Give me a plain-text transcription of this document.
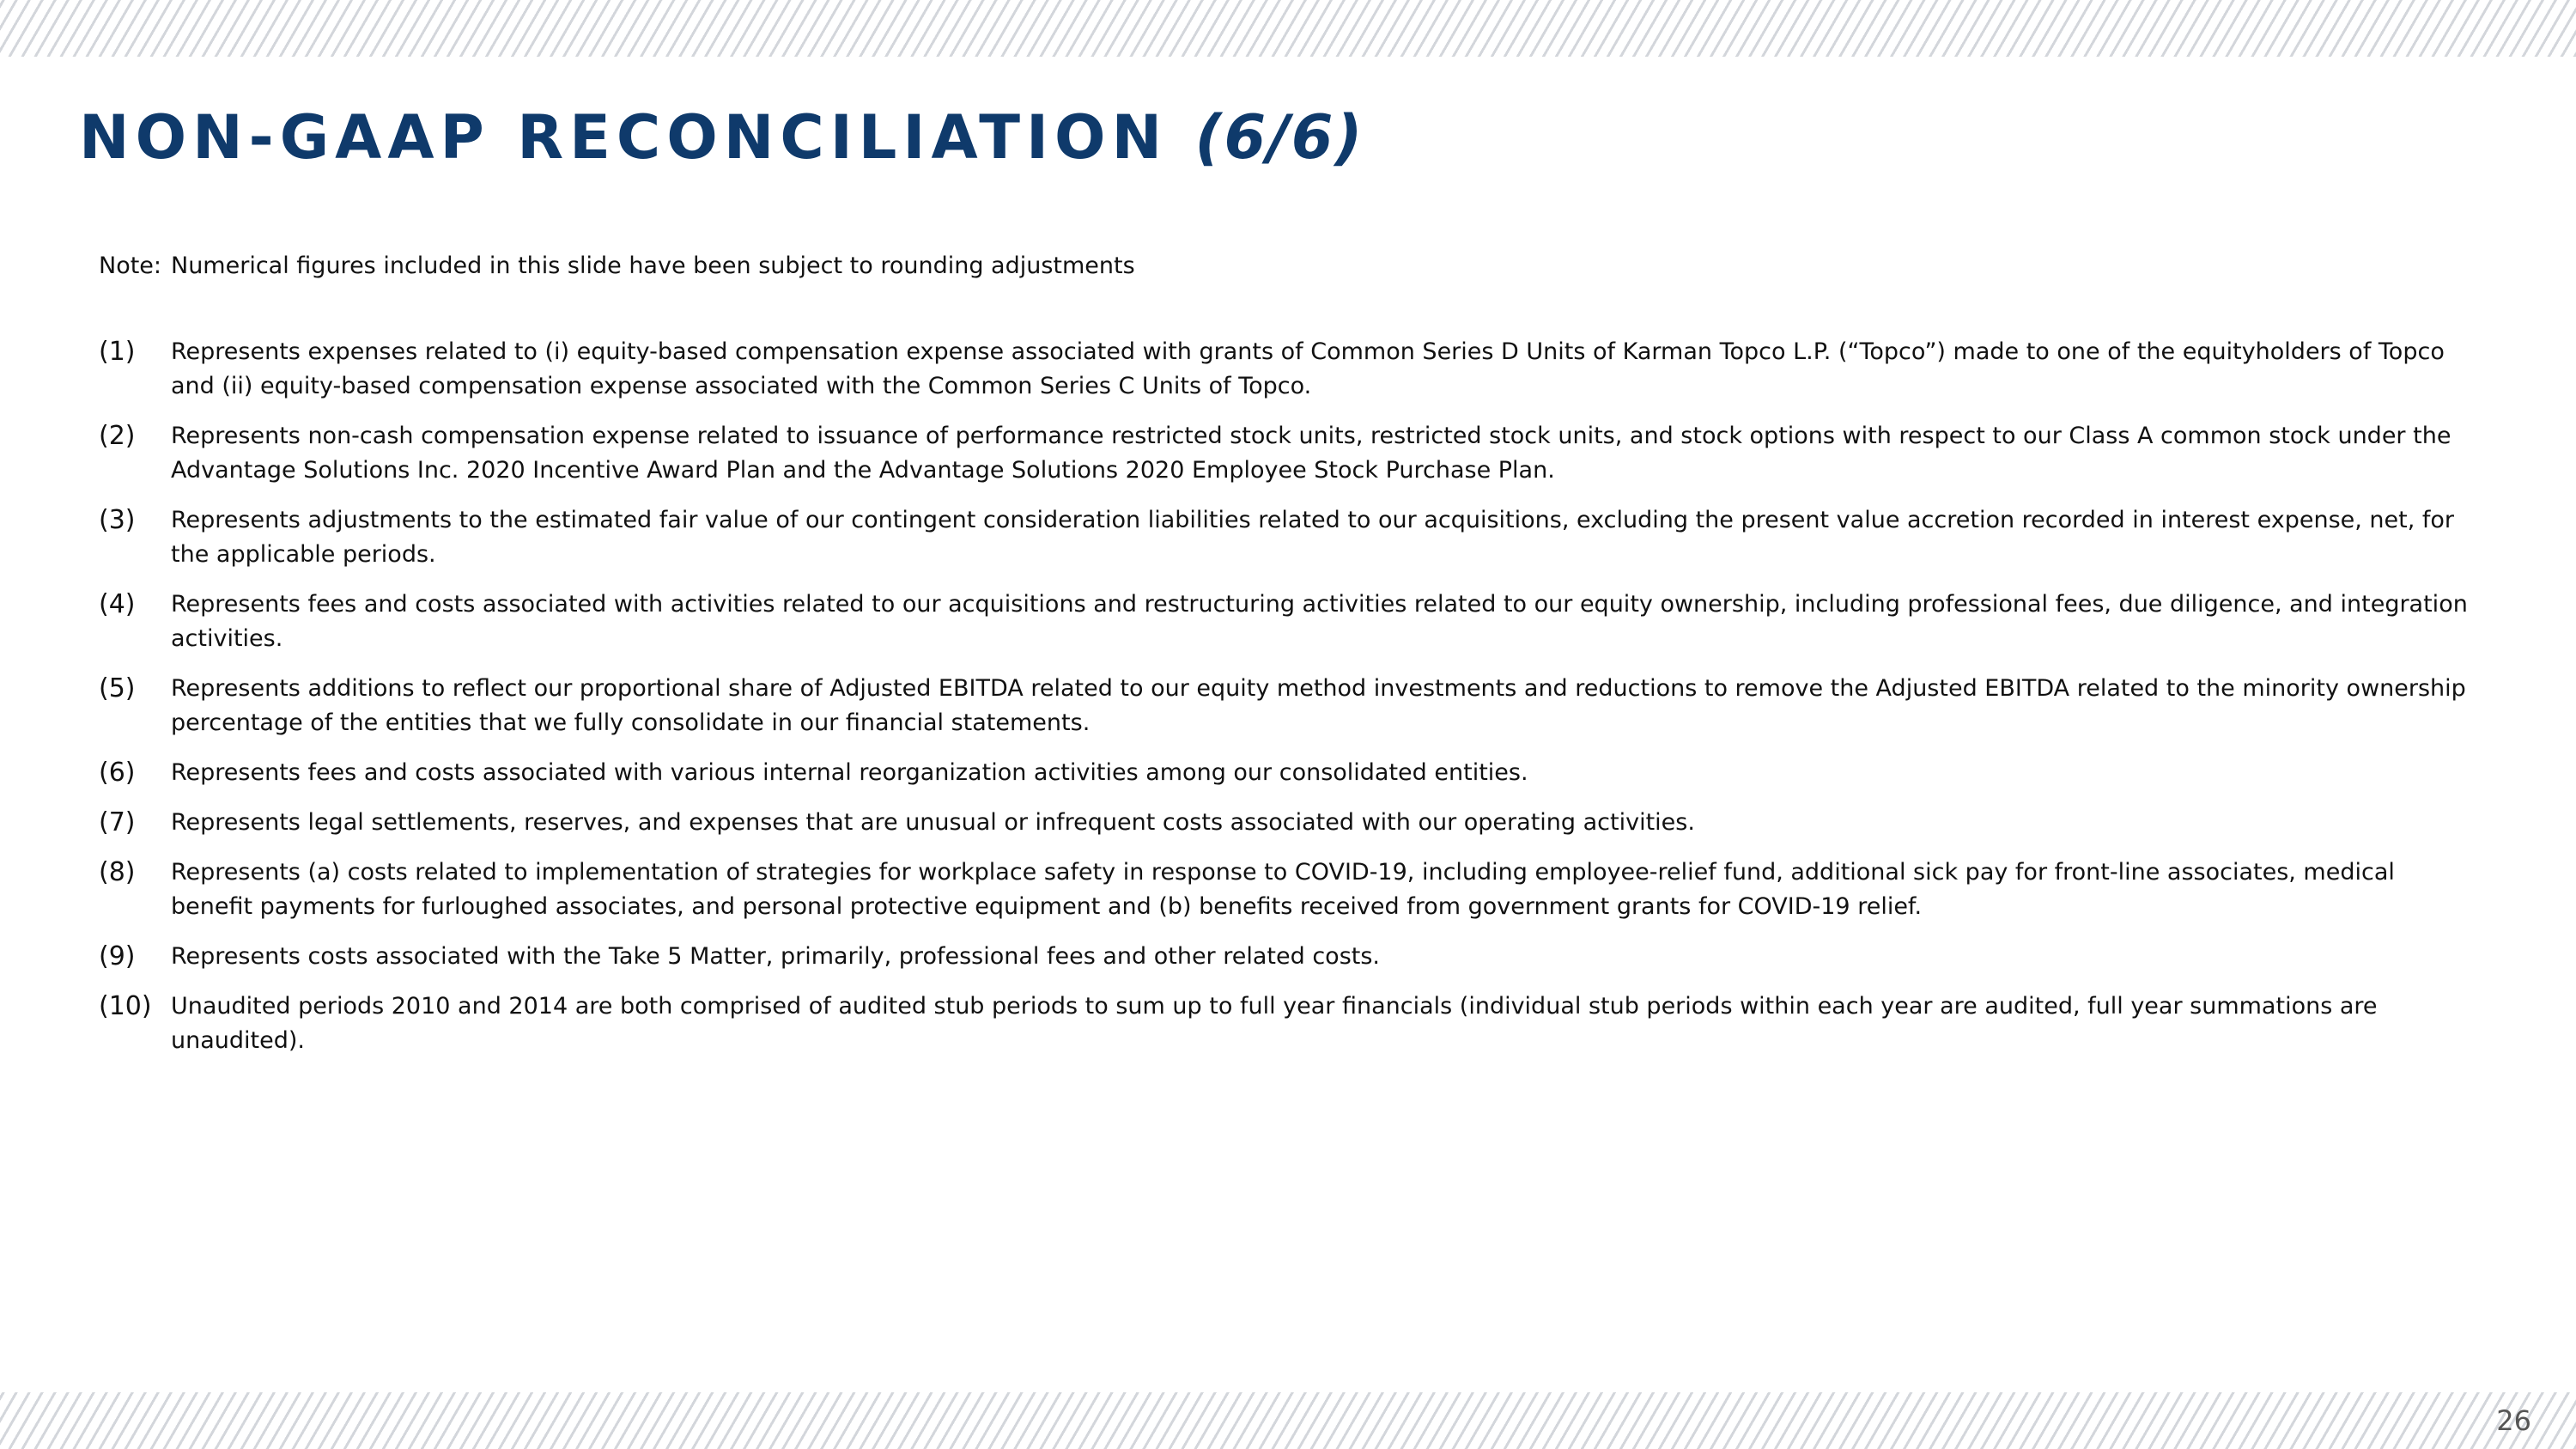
NON-GAAP RECONCILIATION (6/6)
Note: Numerical figures included in this slide have been subject to rounding adjustments
(1) Represents expenses related to (i) equity-based compensation expense associated with grants of Common Series D Units of Karman Topco L.P. (“Topco”) made to one of the equityholders of Topco and (ii) equity-based compensation expense associated with the Common Series C Units of Topco.
(2) Represents non-cash compensation expense related to issuance of performance restricted stock units, restricted stock units, and stock options with respect to our Class A common stock under the Advantage Solutions Inc. 2020 Incentive Award Plan and the Advantage Solutions 2020 Employee Stock Purchase Plan.
(3) Represents adjustments to the estimated fair value of our contingent consideration liabilities related to our acquisitions, excluding the present value accretion recorded in interest expense, net, for the applicable periods.
(4) Represents fees and costs associated with activities related to our acquisitions and restructuring activities related to our equity ownership, including professional fees, due diligence, and integration activities.
(5) Represents additions to reflect our proportional share of Adjusted EBITDA related to our equity method investments and reductions to remove the Adjusted EBITDA related to the minority ownership percentage of the entities that we fully consolidate in our financial statements.
(6) Represents fees and costs associated with various internal reorganization activities among our consolidated entities.
(7) Represents legal settlements, reserves, and expenses that are unusual or infrequent costs associated with our operating activities.
(8) Represents (a) costs related to implementation of strategies for workplace safety in response to COVID-19, including employee-relief fund, additional sick pay for front-line associates, medical benefit payments for furloughed associates, and personal protective equipment and (b) benefits received from government grants for COVID-19 relief.
(9) Represents costs associated with the Take 5 Matter, primarily, professional fees and other related costs.
(10) Unaudited periods 2010 and 2014 are both comprised of audited stub periods to sum up to full year financials (individual stub periods within each year are audited, full year summations are unaudited).
26
